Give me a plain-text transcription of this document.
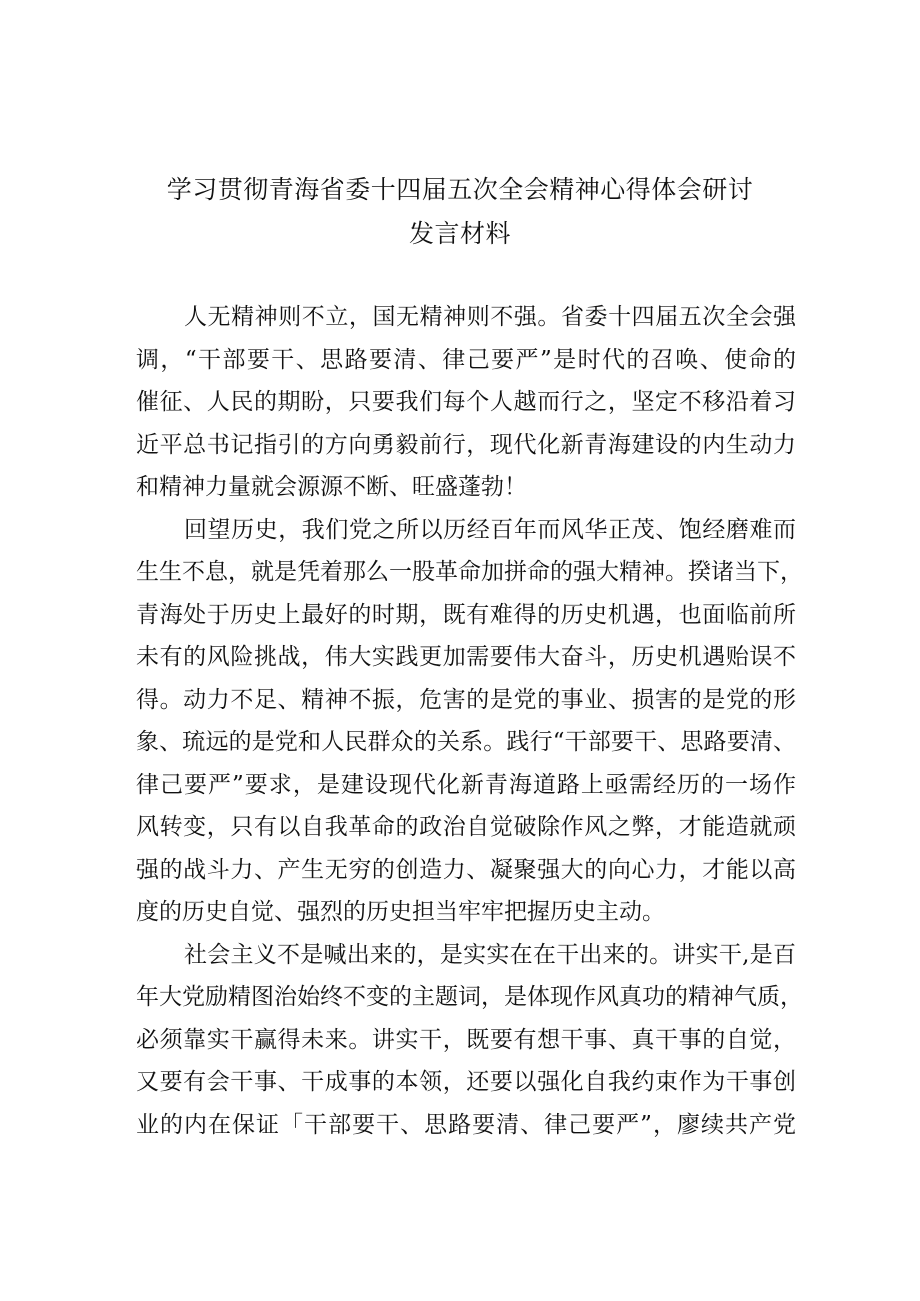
学习贯彻青海省委十四届五次全会精神心得体会研讨
发言材料
人无精神则不立，国无精神则不强。省委十四届五次全会强
调，“干部要干、思路要清、律己要严”是时代的召唤、使命的
催征、人民的期盼，只要我们每个人越而行之，坚定不移沿着习
近平总书记指引的方向勇毅前行，现代化新青海建设的内生动力
和精神力量就会源源不断、旺盛蓬勃！
回望历史，我们党之所以历经百年而风华正茂、饱经磨难而
生生不息，就是凭着那么一股革命加拼命的强大精神。揆诸当下，
青海处于历史上最好的时期，既有难得的历史机遇，也面临前所
未有的风险挑战，伟大实践更加需要伟大奋斗，历史机遇贻误不
得。动力不足、精神不振，危害的是党的事业、损害的是党的形
象、琉远的是党和人民群众的关系。践行“干部要干、思路要清、
律己要严”要求，是建设现代化新青海道路上亟需经历的一场作
风转变，只有以自我革命的政治自觉破除作风之弊，才能造就顽
强的战斗力、产生无穷的创造力、凝聚强大的向心力，才能以高
度的历史自觉、强烈的历史担当牢牢把握历史主动。
社会主义不是喊出来的，是实实在在干出来的。讲实干,是百
年大党励精图治始终不变的主题词，是体现作风真功的精神气质，
必须靠实干赢得未来。讲实干，既要有想干事、真干事的自觉，
又要有会干事、干成事的本领，还要以强化自我约束作为干事创
业的内在保证「干部要干、思路要清、律己要严”，廖续共产党
